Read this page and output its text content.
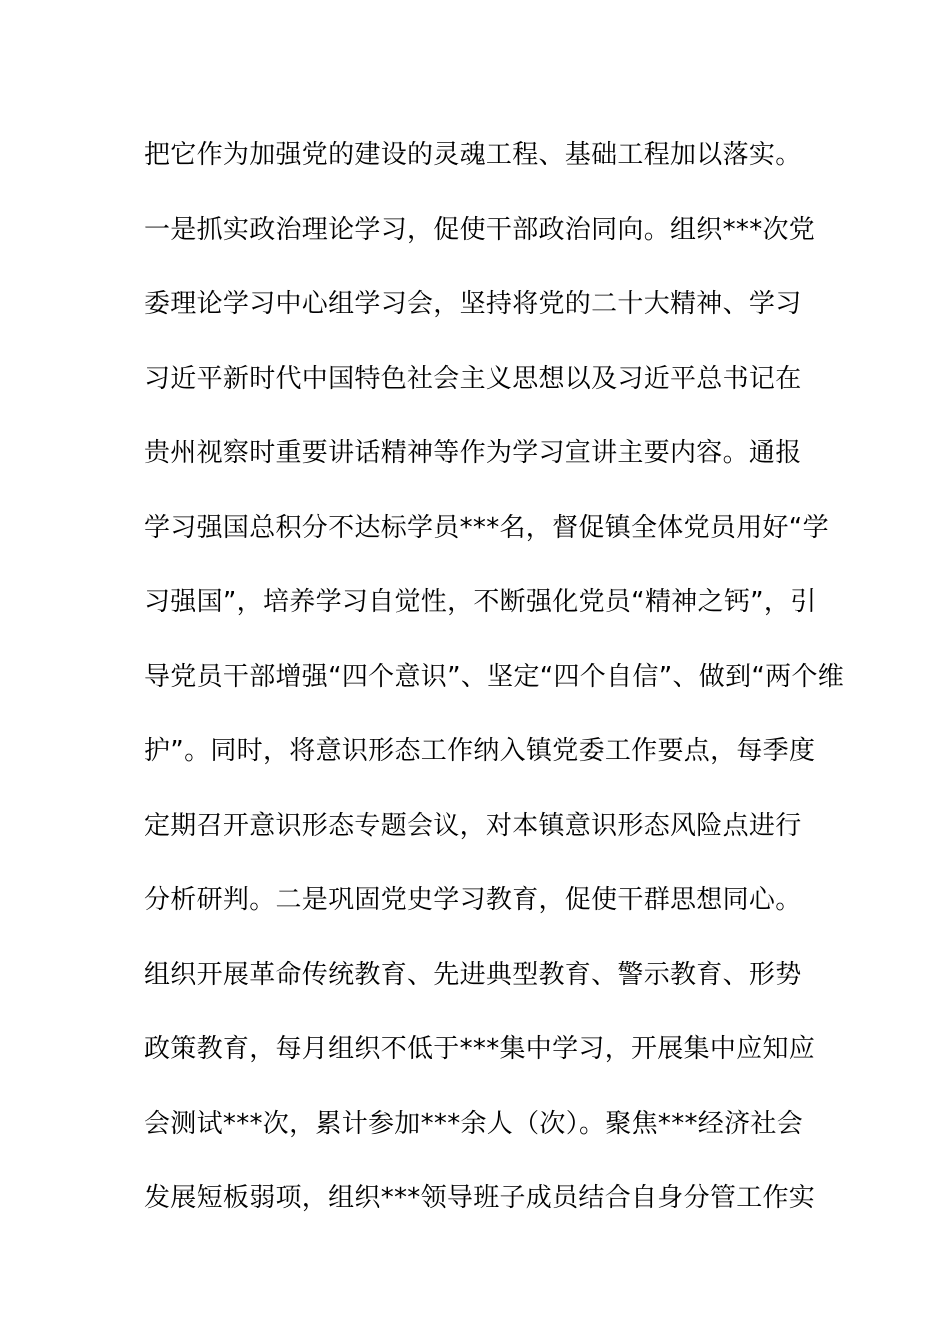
把它作为加强党的建设的灵魂工程、基础工程加以落实。
一是抓实政治理论学习，促使干部政治同向。组织***次党
委理论学习中心组学习会，坚持将党的二十大精神、学习
习近平新时代中国特色社会主义思想以及习近平总书记在
贵州视察时重要讲话精神等作为学习宣讲主要内容。通报
学习强国总积分不达标学员***名，督促镇全体党员用好“学
习强国”，培养学习自觉性，不断强化党员“精神之钙”，引
导党员干部增强“四个意识”、坚定“四个自信”、做到“两个维
护”。同时，将意识形态工作纳入镇党委工作要点，每季度
定期召开意识形态专题会议，对本镇意识形态风险点进行
分析研判。二是巩固党史学习教育，促使干群思想同心。
组织开展革命传统教育、先进典型教育、警示教育、形势
政策教育，每月组织不低于***集中学习，开展集中应知应
会测试***次，累计参加***余人（次）。聚焦***经济社会
发展短板弱项，组织***领导班子成员结合自身分管工作实
